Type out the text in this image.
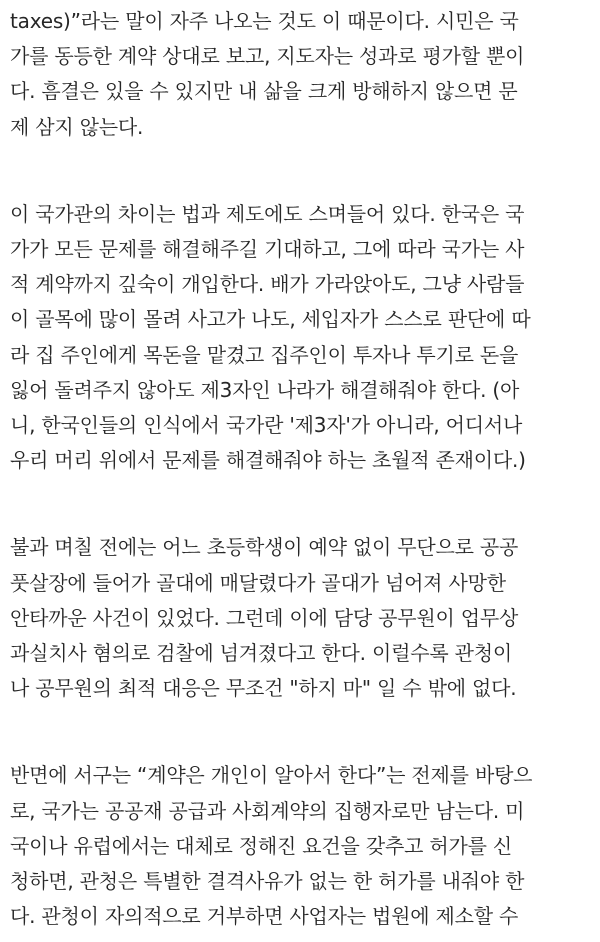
taxes)”라는 말이 자주 나오는 것도 이 때문이다. 시민은 국
가를 동등한 계약 상대로 보고, 지도자는 성과로 평가할 뿐이
다. 흠결은 있을 수 있지만 내 삶을 크게 방해하지 않으면 문
제 삼지 않는다.
이 국가관의 차이는 법과 제도에도 스며들어 있다. 한국은 국
가가 모든 문제를 해결해주길 기대하고, 그에 따라 국가는 사
적 계약까지 깊숙이 개입한다. 배가 가라앉아도, 그냥 사람들
이 골목에 많이 몰려 사고가 나도, 세입자가 스스로 판단에 따
라 집 주인에게 목돈을 맡겼고 집주인이 투자나 투기로 돈을
잃어 돌려주지 않아도 제3자인 나라가 해결해줘야 한다. (아
니, 한국인들의 인식에서 국가란 '제3자'가 아니라, 어디서나
우리 머리 위에서 문제를 해결해줘야 하는 초월적 존재이다.)
불과 며칠 전에는 어느 초등학생이 예약 없이 무단으로 공공
풋살장에 들어가 골대에 매달렸다가 골대가 넘어져 사망한
안타까운 사건이 있었다. 그런데 이에 담당 공무원이 업무상
과실치사 혐의로 검찰에 넘겨졌다고 한다. 이럴수록 관청이
나 공무원의 최적 대응은 무조건 "하지 마" 일 수 밖에 없다.
반면에 서구는 “계약은 개인이 알아서 한다”는 전제를 바탕으
로, 국가는 공공재 공급과 사회계약의 집행자로만 남는다. 미
국이나 유럽에서는 대체로 정해진 요건을 갖추고 허가를 신
청하면, 관청은 특별한 결격사유가 없는 한 허가를 내줘야 한
다. 관청이 자의적으로 거부하면 사업자는 법원에 제소할 수
